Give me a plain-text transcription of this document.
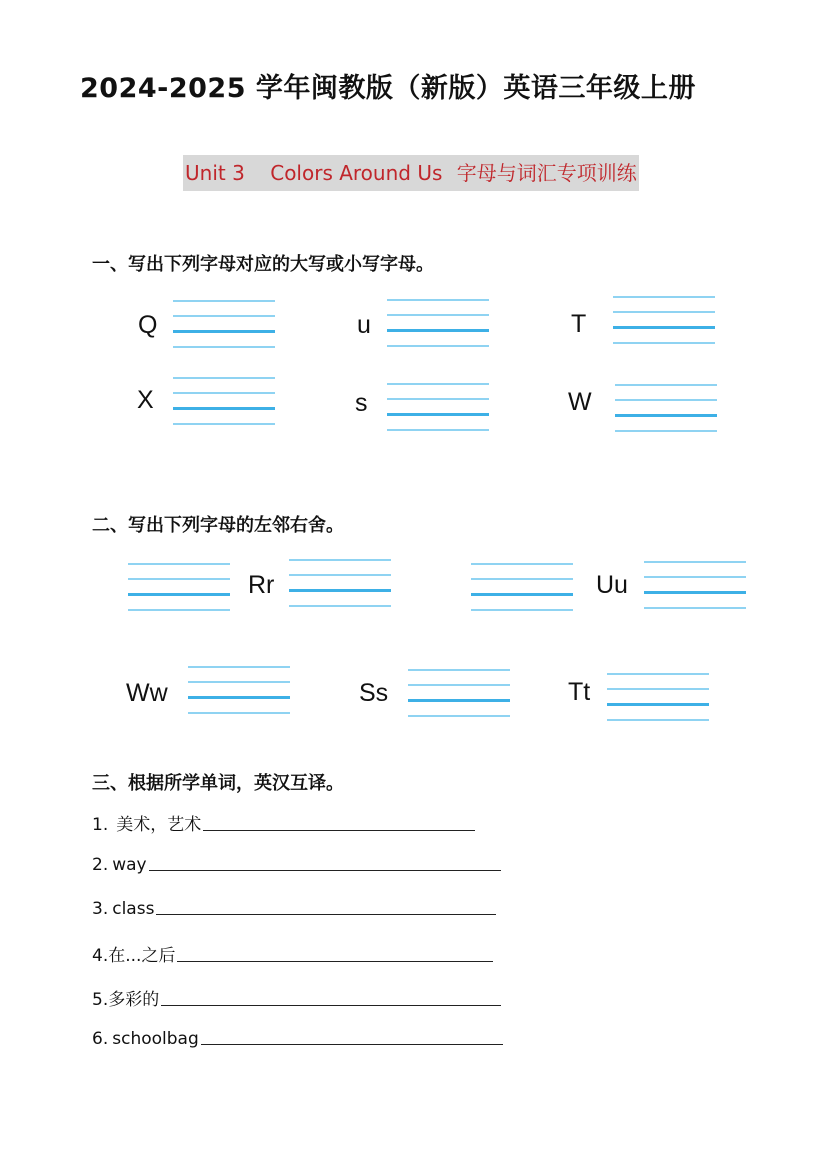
2024-2025 学年闽教版（新版）英语三年级上册
Unit 3    Colors Around Us 字母与词汇专项训练
一、写出下列字母对应的大写或小写字母。
Q	u	T
X	s	W
二、写出下列字母的左邻右舍。
Rr	Uu
Ww	Ss	Tt
三、根据所学单词，英汉互译。
1. 美术，艺术
2. way
3. class
4. 在...之后
5. 多彩的
6. schoolbag
